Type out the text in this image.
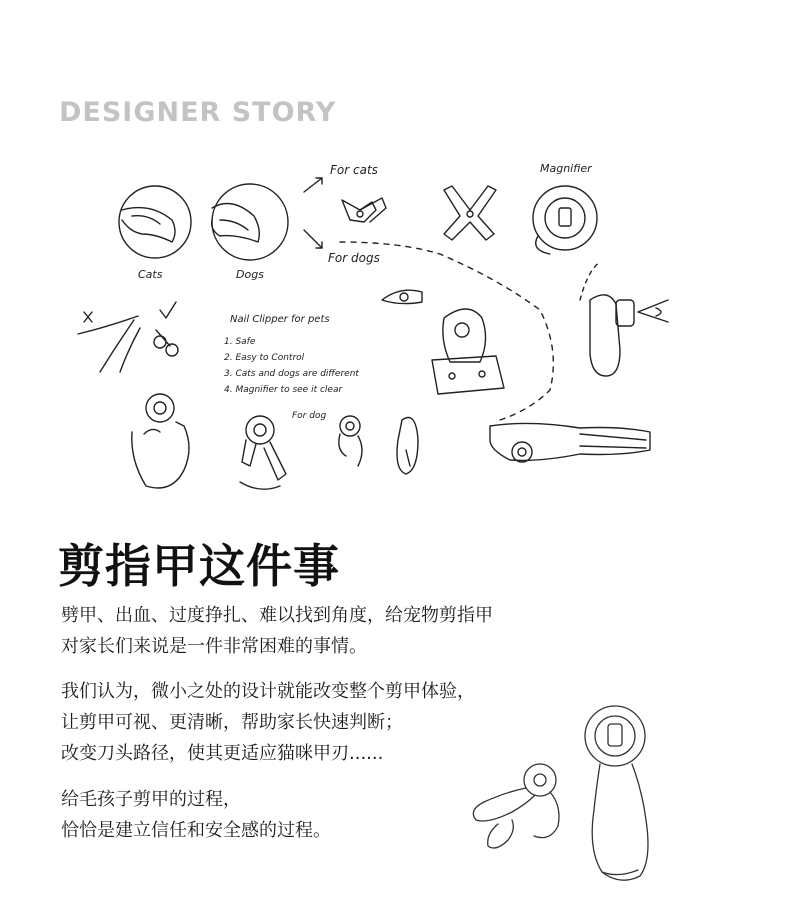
DESIGNER STORY
Cats	Dogs
For cats
For dogs
Magnifier
Nail Clipper for pets
1. Safe
2. Easy to Control
3. Cats and dogs are different
4. Magnifier to see it clear
For dog
剪指甲这件事
劈甲、出血、过度挣扎、难以找到角度，给宠物剪指甲
对家长们来说是一件非常困难的事情。
我们认为，微小之处的设计就能改变整个剪甲体验，
让剪甲可视、更清晰，帮助家长快速判断；
改变刀头路径，使其更适应猫咪甲刃......
给毛孩子剪甲的过程，
恰恰是建立信任和安全感的过程。
